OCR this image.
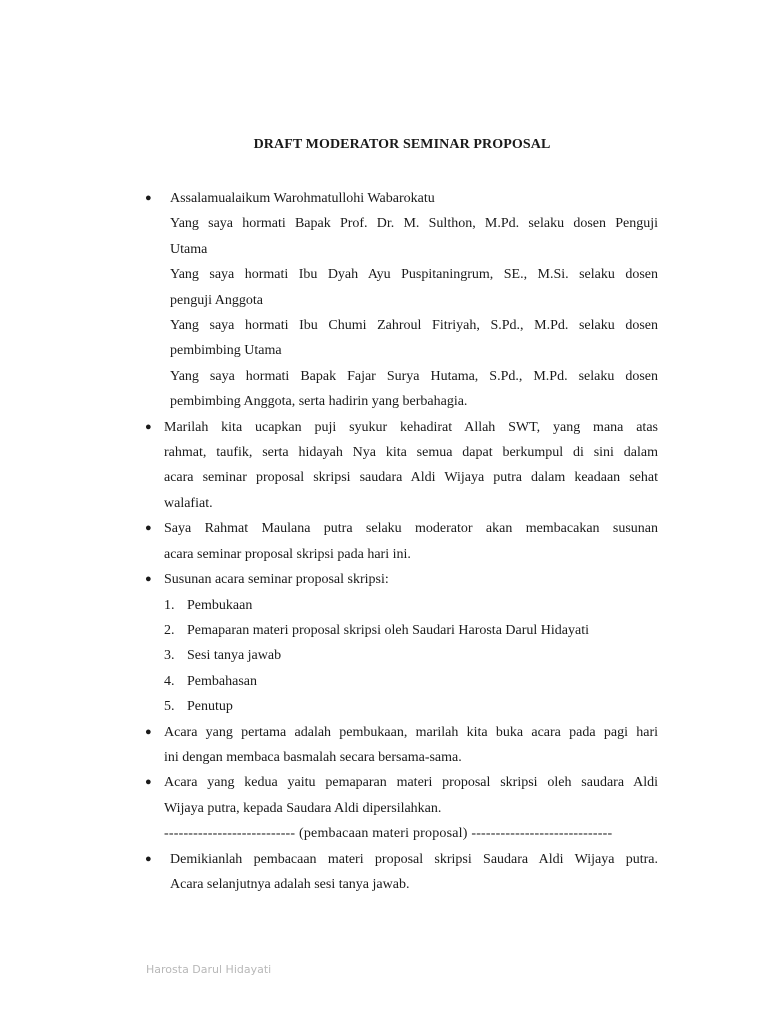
DRAFT MODERATOR SEMINAR PROPOSAL
● Assalamualaikum Warohmatullohi Wabarokatu
Yang saya hormati Bapak Prof. Dr. M. Sulthon, M.Pd. selaku dosen Penguji
Utama
Yang saya hormati Ibu Dyah Ayu Puspitaningrum, SE., M.Si. selaku dosen
penguji Anggota
Yang saya hormati Ibu Chumi Zahroul Fitriyah, S.Pd., M.Pd. selaku dosen
pembimbing Utama
Yang saya hormati Bapak Fajar Surya Hutama, S.Pd., M.Pd. selaku dosen
pembimbing Anggota, serta hadirin yang berbahagia.
● Marilah kita ucapkan puji syukur kehadirat Allah SWT, yang mana atas
rahmat, taufik, serta hidayah Nya kita semua dapat berkumpul di sini dalam
acara seminar proposal skripsi saudara Aldi Wijaya putra dalam keadaan sehat
walafiat.
● Saya Rahmat Maulana putra selaku moderator akan membacakan susunan
acara seminar proposal skripsi pada hari ini.
● Susunan acara seminar proposal skripsi:
1. Pembukaan
2. Pemaparan materi proposal skripsi oleh Saudari Harosta Darul Hidayati
3. Sesi tanya jawab
4. Pembahasan
5. Penutup
● Acara yang pertama adalah pembukaan, marilah kita buka acara pada pagi hari
ini dengan membaca basmalah secara bersama-sama.
● Acara yang kedua yaitu pemaparan materi proposal skripsi oleh saudara Aldi
Wijaya putra, kepada Saudara Aldi dipersilahkan.
--------------------------- (pembacaan materi proposal) -----------------------------
● Demikianlah pembacaan materi proposal skripsi Saudara Aldi Wijaya putra.
Acara selanjutnya adalah sesi tanya jawab.
Harosta Darul Hidayati
